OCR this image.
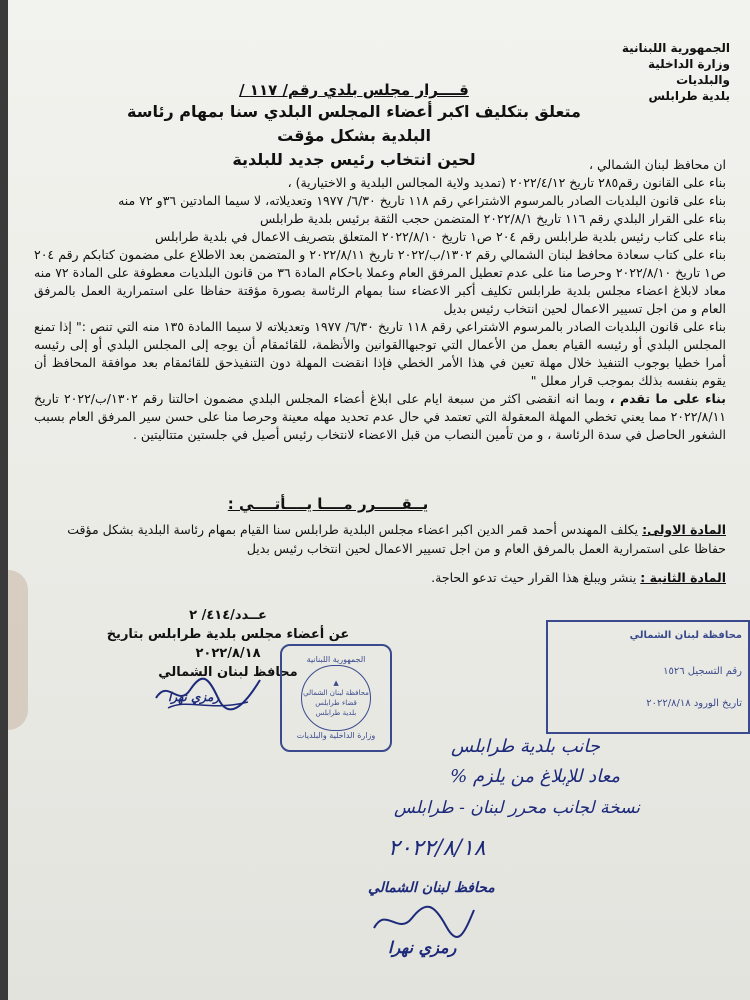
الجمهورية اللبنانية
وزارة الداخلية والبلديات
بلدية طرابلس
قــــرار مجلس بلدي رقم/ ١١٧ /
متعلق بتكليف اكبر أعضاء المجلس البلدي سنا بمهام رئاسة البلدية بشكل مؤقت
لحين انتخاب رئيس جديد للبلدية	ان محافظ لبنان الشمالي ،

بناء على القانون رقم٢٨٥ تاريخ ٢٠٢٢/٤/١٢ (تمديد ولاية المجالس البلدية و الاختيارية) ،

بناء على قانون البلديات الصادر بالمرسوم الاشتراعي رقم ١١٨ تاريخ ٦/٣٠/ ١٩٧٧ وتعديلاته، لا سيما المادتين ٣٦و ٧٢ منه

بناء على القرار البلدي رقم ١١٦ تاريخ ٢٠٢٢/٨/١ المتضمن حجب الثقة برئيس بلدية طرابلس

بناء على كتاب رئيس بلدية طرابلس رقم ٢٠٤ ص١ تاريخ ٢٠٢٢/٨/١٠ المتعلق بتصريف الاعمال في بلدية طرابلس

بناء على كتاب سعادة محافظ لبنان الشمالي رقم ١٣٠٢/ب/٢٠٢٢ تاريخ ٢٠٢٢/٨/١١ و المتضمن بعد الاطلاع على مضمون كتابكم رقم ٢٠٤ ص١ تاريخ ٢٠٢٢/٨/١٠ وحرصا منا على عدم تعطيل المرفق العام وعملا باحكام المادة ٣٦ من قانون البلديات معطوفة على المادة ٧٢ منه معاد لابلاغ اعضاء مجلس بلدية طرابلس تكليف أكبر الاعضاء سنا بمهام الرئاسة بصورة مؤقتة حفاظا على استمرارية العمل بالمرفق العام و من اجل تسيير الاعمال لحين انتخاب رئيس بديل

بناء على قانون البلديات الصادر بالمرسوم الاشتراعي رقم ١١٨ تاريخ ٦/٣٠/ ١٩٧٧ وتعديلاته لا سيما االمادة ١٣٥ منه التي تنص :" إذا تمنع المجلس البلدي أو رئيسه القيام بعمل من الأعمال التي توجبهاالقوانين والأنظمة، للقائمقام أن يوجه إلى المجلس البلدي أو إلى رئيسه أمرا خطيا بوجوب التنفيذ خلال مهلة تعين في هذا الأمر الخطي فإذا انقضت المهلة دون التنفيذحق للقائمقام بعد موافقة المحافظ أن يقوم بنفسه بذلك بموجب قرار معلل "

بناء على ما تقدم ، وبما انه انقضى اكثر من سبعة ايام على ابلاغ أعضاء المجلس البلدي مضمون احالتنا رقم ١٣٠٢/ب/٢٠٢٢ تاريخ ٢٠٢٢/٨/١١ مما يعني تخطي المهلة المعقولة التي تعتمد في حال عدم تحديد مهله معينة وحرصا منا على حسن سير المرفق العام بسبب الشغور الحاصل في سدة الرئاسة ، و من تأمين النصاب من قبل الاعضاء لانتخاب رئيس أصيل في جلستين متتاليتين .

يــقـــــرر مــــا يــــأتــــي :
المادة الاولى: يكلف المهندس أحمد قمر الدين اكبر اعضاء مجلس البلدية طرابلس سنا القيام بمهام رئاسة البلدية بشكل مؤقت حفاظا على استمرارية العمل بالمرفق العام و من اجل تسيير الاعمال لحين انتخاب رئيس بديل
المادة الثانية : ينشر ويبلغ هذا القرار حيث تدعو الحاجة.
عــدد/٤١٤/ ٢
عن أعضاء مجلس بلدية طرابلس بتاريخ ٢٠٢٢/٨/١٨
محافظ لبنان الشمالي
رمزي نهرا
الجمهورية اللبنانية
▲
محافظة لبنان الشمالي
قضاء طرابلس
بلدية طرابلس
وزارة الداخلية والبلديات
محافظة لبنان الشمالي
رقم التسجيل ١٥٢٦
تاريخ الورود ٢٠٢٢/٨/١٨
جانب بلدية طرابلس
معاد للإبلاغ من يلزم %
نسخة لجانب محرر لبنان - طرابلس
٢٠٢٢/٨/١٨
محافظ لبنان الشمالي
رمزي نهرا
